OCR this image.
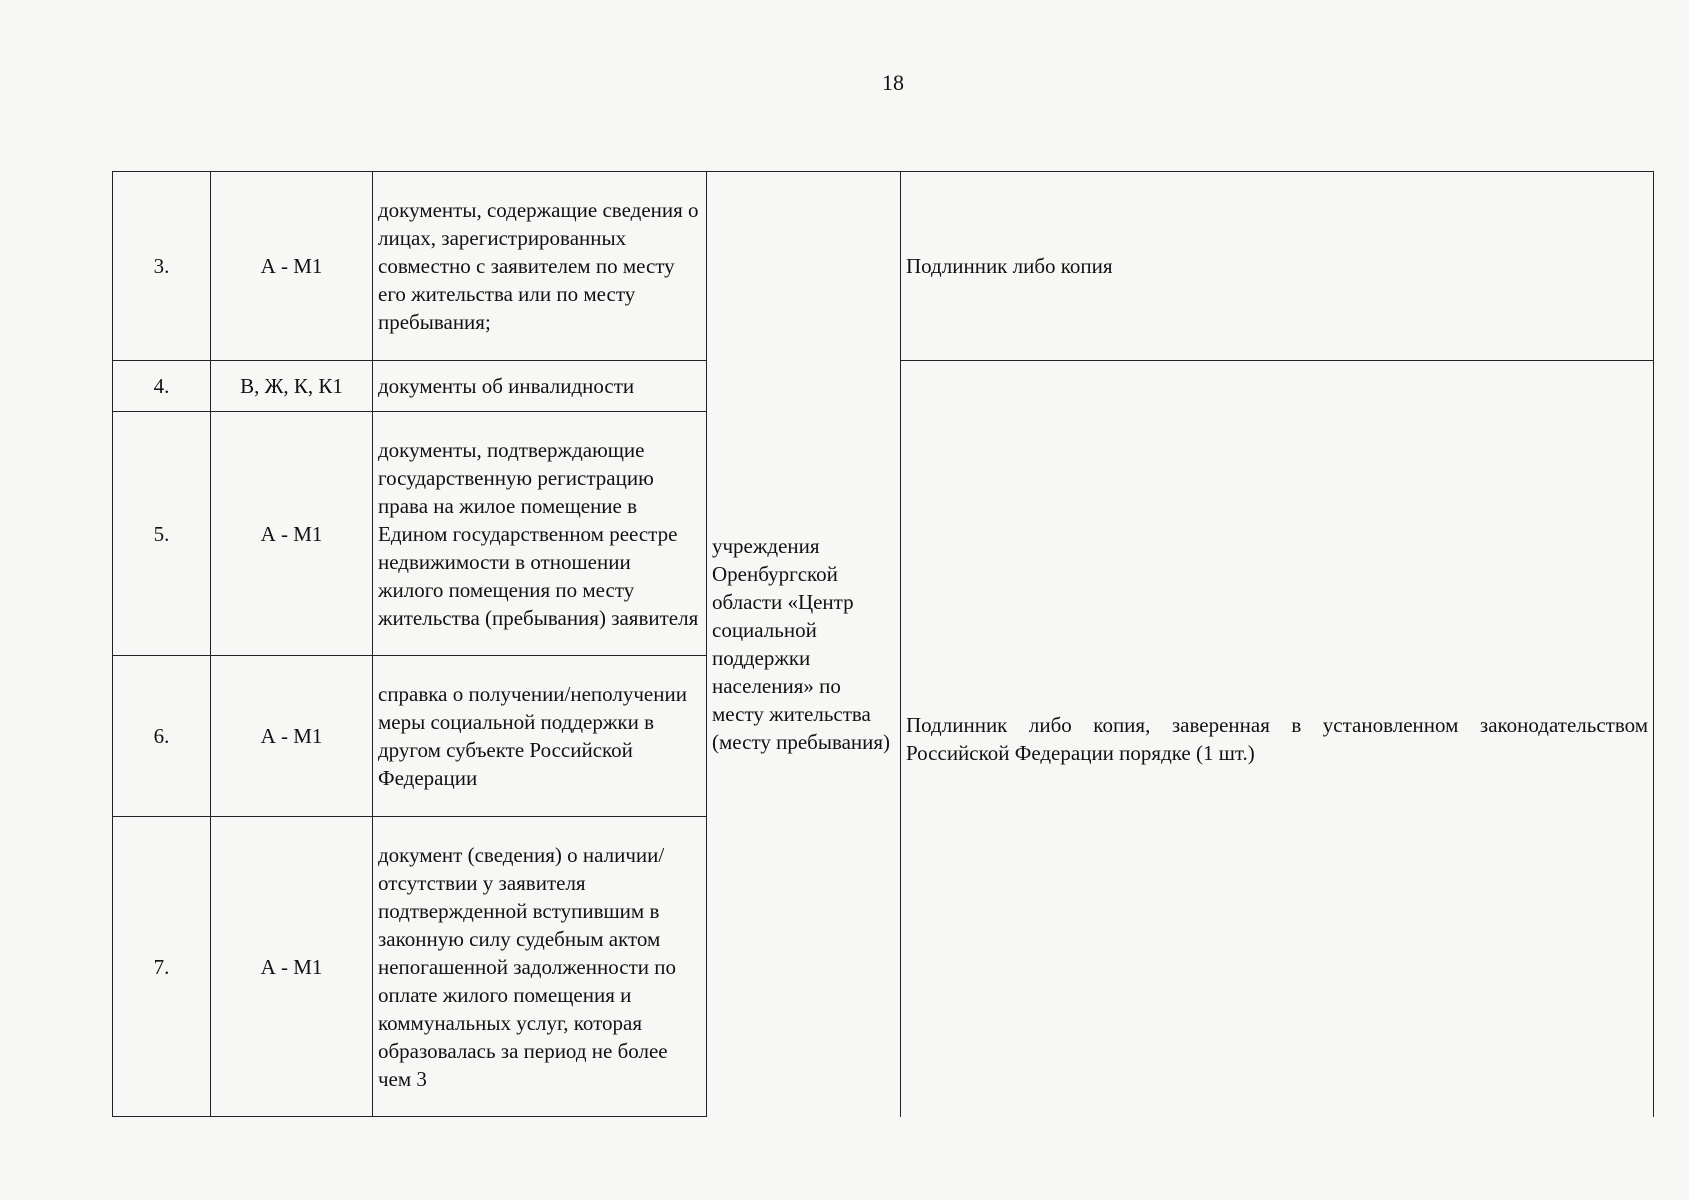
18
3.	А - М1	документы, содержащие сведения о лицах, зарегистрированных совместно с заявителем по месту его жительства или по месту пребывания;	учреждения Оренбургской области «Центр социальной поддержки населения» по месту жительства (месту пребывания)	Подлинник либо копия
4.	В, Ж, К, К1	документы об инвалидности		Подлинник либо копия, заверенная в установленном законодательством Российской Федерации порядке (1 шт.)
5.	А - М1	документы, подтверждающие государственную регистрацию права на жилое помещение в Едином государственном реестре недвижимости в отношении жилого помещения по месту жительства (пребывания) заявителя		
6.	А - М1	справка о получении/неполучении меры социальной поддержки в другом субъекте Российской Федерации		
7.	А - М1	документ (сведения) о наличии/отсутствии у заявителя подтвержденной вступившим в законную силу судебным актом непогашенной задолженности по оплате жилого помещения и коммунальных услуг, которая образовалась за период не более чем 3		
